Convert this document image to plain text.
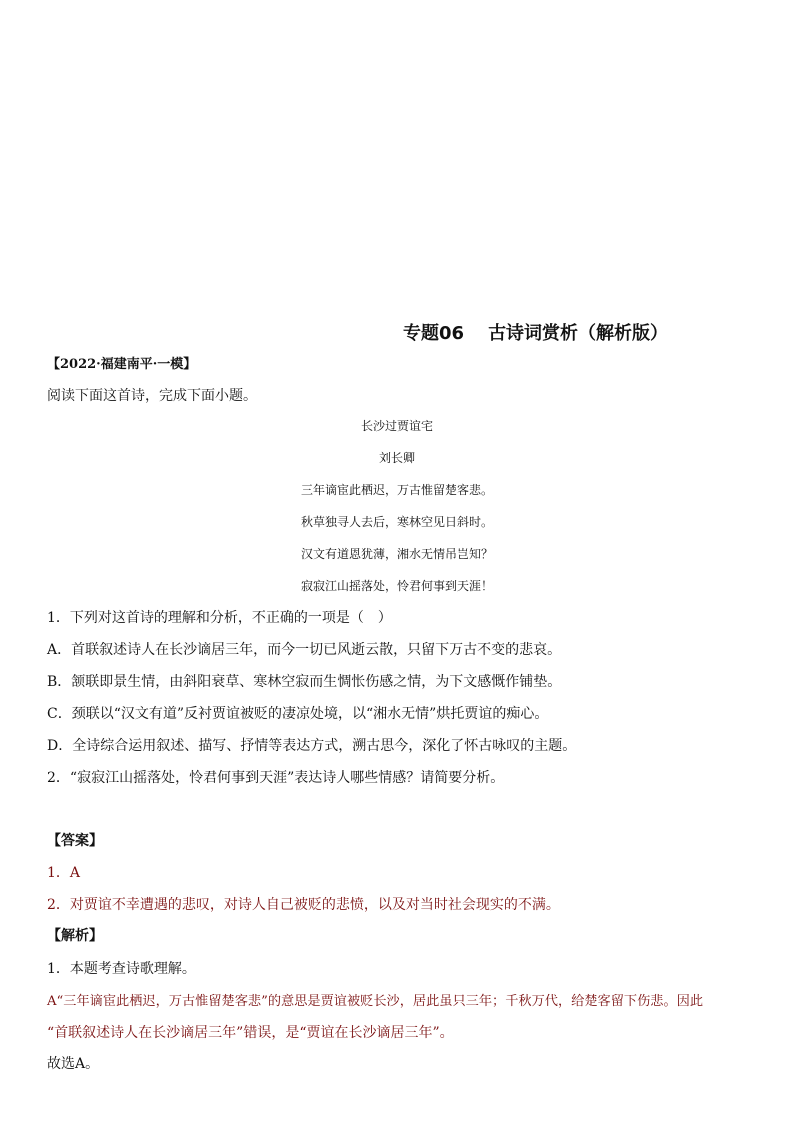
专题06 古诗词赏析（解析版）
【2022·福建南平·一模】
阅读下面这首诗，完成下面小题。
长沙过贾谊宅
刘长卿
三年谪宦此栖迟，万古惟留楚客悲。
秋草独寻人去后，寒林空见日斜时。
汉文有道恩犹薄，湘水无情吊岂知？
寂寂江山摇落处，怜君何事到天涯！
1．下列对这首诗的理解和分析，不正确的一项是（　）
A．首联叙述诗人在长沙谪居三年，而今一切已风逝云散，只留下万古不变的悲哀。
B．颔联即景生情，由斜阳衰草、寒林空寂而生惆怅伤感之情，为下文感慨作铺垫。
C．颈联以“汉文有道”反衬贾谊被贬的凄凉处境，以“湘水无情”烘托贾谊的痴心。
D．全诗综合运用叙述、描写、抒情等表达方式，溯古思今，深化了怀古咏叹的主题。
2．“寂寂江山摇落处，怜君何事到天涯”表达诗人哪些情感？请简要分析。
【答案】
1．A
2．对贾谊不幸遭遇的悲叹，对诗人自己被贬的悲愤，以及对当时社会现实的不满。
【解析】
1．本题考查诗歌理解。
A“三年谪宦此栖迟，万古惟留楚客悲”的意思是贾谊被贬长沙，居此虽只三年；千秋万代，给楚客留下伤悲。因此
“首联叙述诗人在长沙谪居三年”错误，是“贾谊在长沙谪居三年”。
故选A。
